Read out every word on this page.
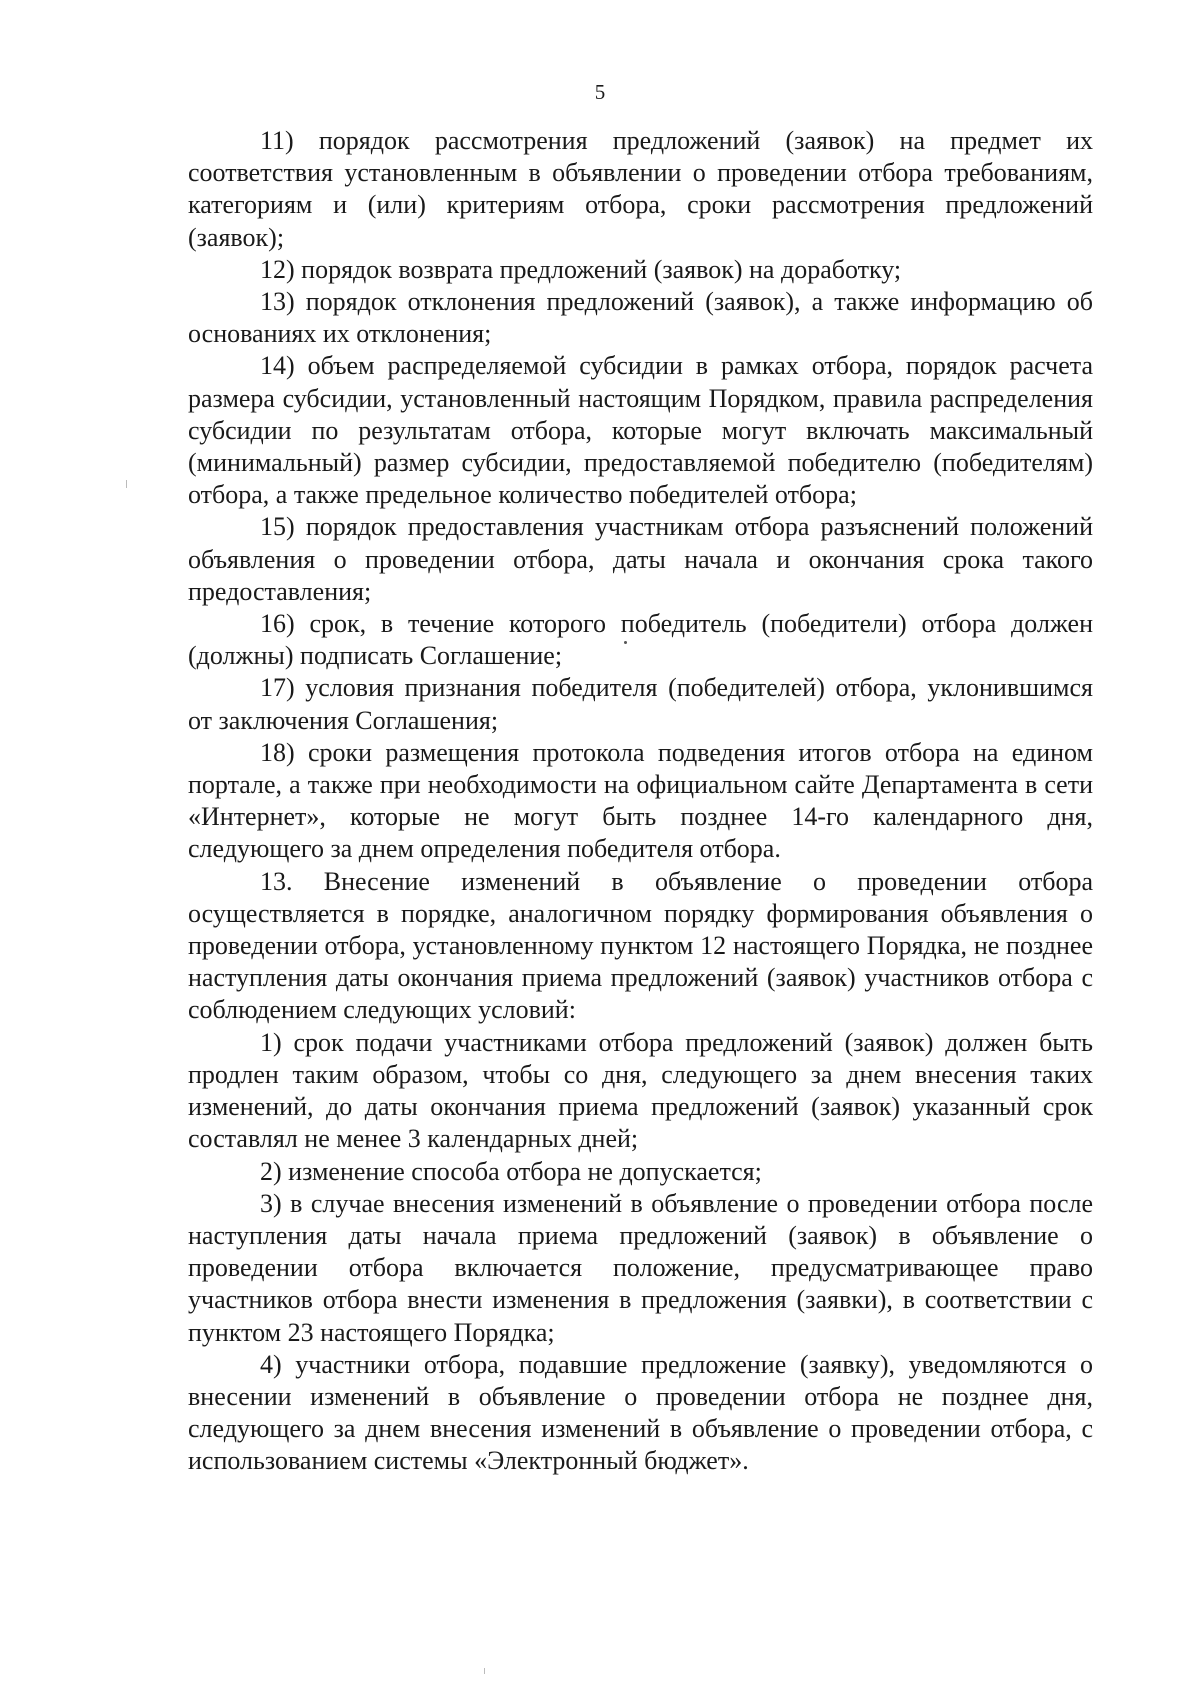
5

11) порядок рассмотрения предложений (заявок) на предмет их соответствия установленным в объявлении о проведении отбора требованиям, категориям и (или) критериям отбора, сроки рассмотрения предложений (заявок);

12) порядок возврата предложений (заявок) на доработку;

13) порядок отклонения предложений (заявок), а также информацию об основаниях их отклонения;

14) объем распределяемой субсидии в рамках отбора, порядок расчета размера субсидии, установленный настоящим Порядком, правила распределения субсидии по результатам отбора, которые могут включать максимальный (минимальный) размер субсидии, предоставляемой победителю (победителям) отбора, а также предельное количество победителей отбора;

15) порядок предоставления участникам отбора разъяснений положений объявления о проведении отбора, даты начала и окончания срока такого предоставления;

16) срок, в течение которого победитель (победители) отбора должен (должны) подписать Соглашение;

17) условия признания победителя (победителей) отбора, уклонившимся от заключения Соглашения;

18) сроки размещения протокола подведения итогов отбора на едином портале, а также при необходимости на официальном сайте Департамента в сети «Интернет», которые не могут быть позднее 14-го календарного дня, следующего за днем определения победителя отбора.

13. Внесение изменений в объявление о проведении отбора осуществляется в порядке, аналогичном порядку формирования объявления о проведении отбора, установленному пунктом 12 настоящего Порядка, не позднее наступления даты окончания приема предложений (заявок) участников отбора с соблюдением следующих условий:

1) срок подачи участниками отбора предложений (заявок) должен быть продлен таким образом, чтобы со дня, следующего за днем внесения таких изменений, до даты окончания приема предложений (заявок) указанный срок составлял не менее 3 календарных дней;

2) изменение способа отбора не допускается;

3) в случае внесения изменений в объявление о проведении отбора после наступления даты начала приема предложений (заявок) в объявление о проведении отбора включается положение, предусматривающее право участников отбора внести изменения в предложения (заявки), в соответствии с пунктом 23 настоящего Порядка;

4) участники отбора, подавшие предложение (заявку), уведомляются о внесении изменений в объявление о проведении отбора не позднее дня, следующего за днем внесения изменений в объявление о проведении отбора, с использованием системы «Электронный бюджет».
